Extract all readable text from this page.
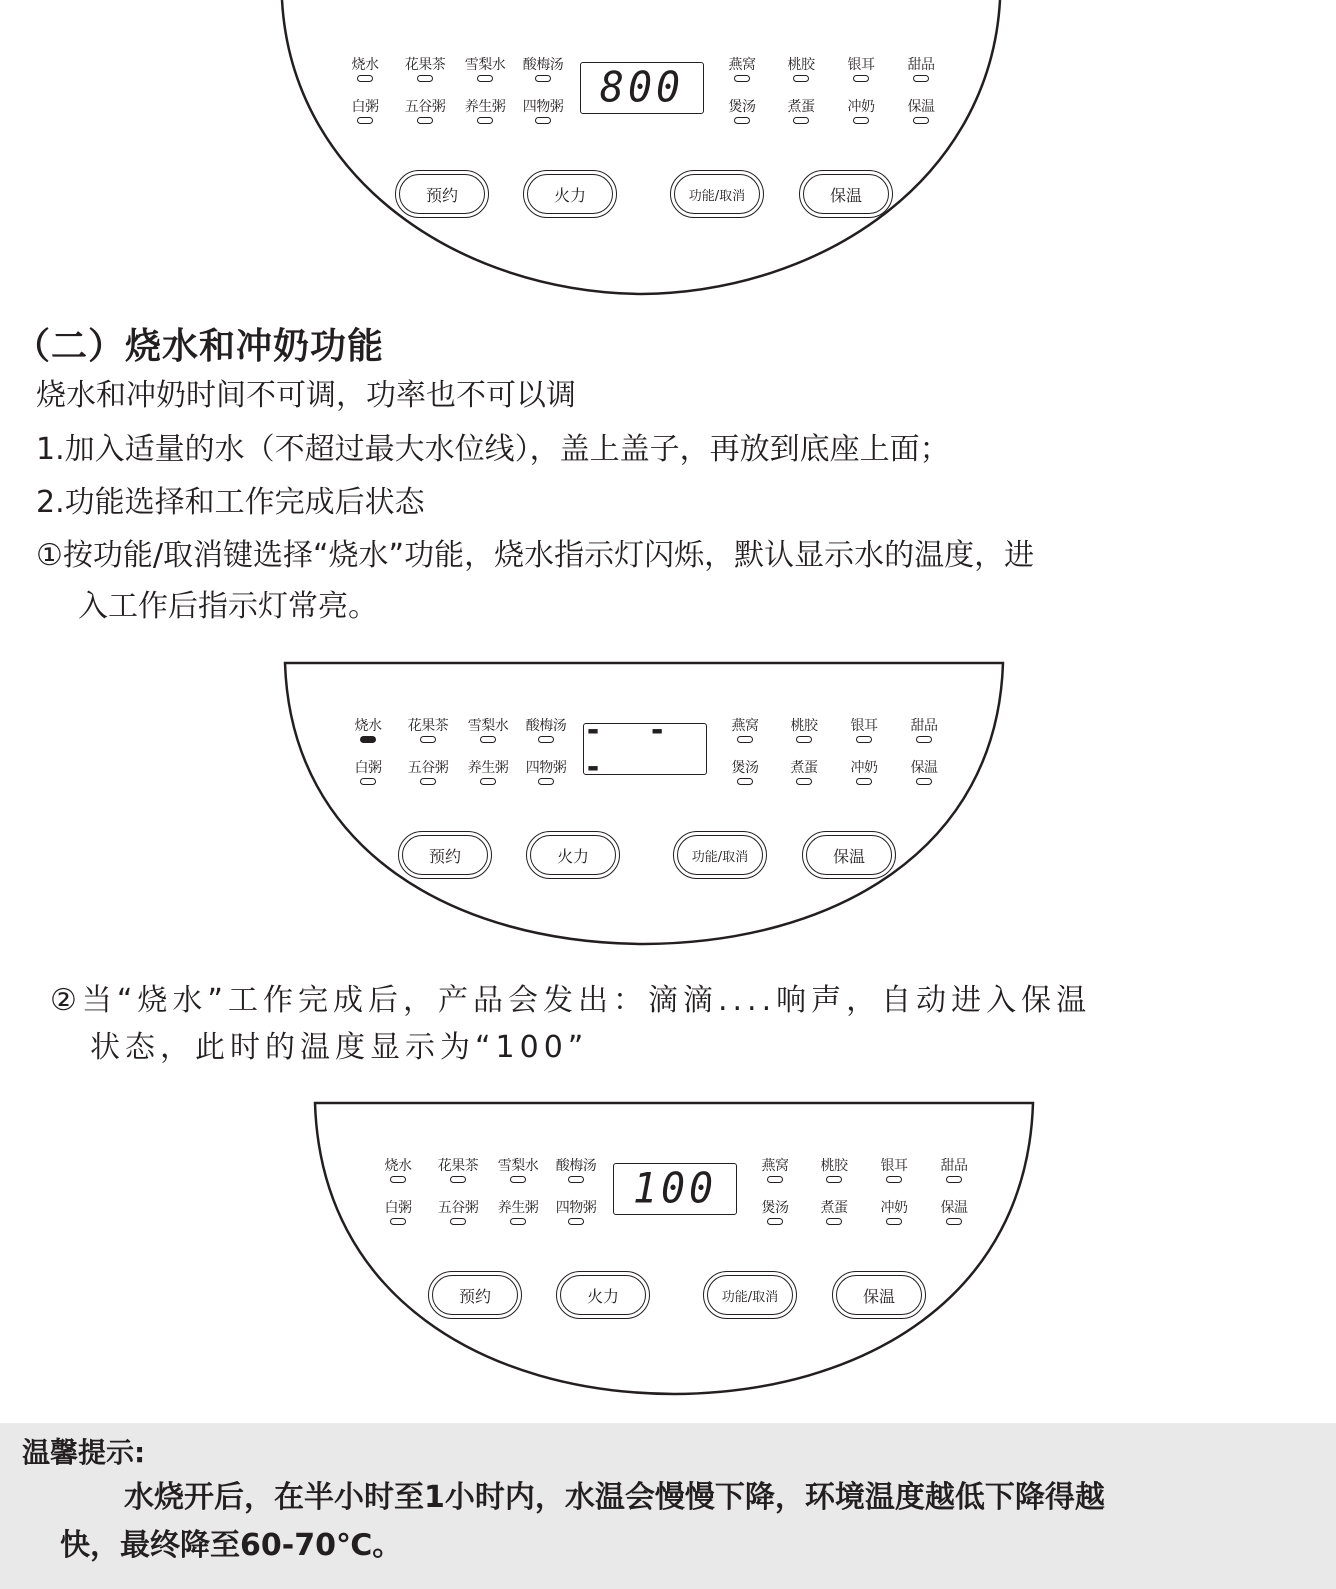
烧水	花果茶	雪梨水	酸梅汤	燕窝	桃胶	银耳	甜品
白粥	五谷粥	养生粥	四物粥	煲汤	煮蛋	冲奶	保温
800
预约	火力	功能/取消	保温
烧水	花果茶	雪梨水	酸梅汤	燕窝	桃胶	银耳	甜品
白粥	五谷粥	养生粥	四物粥	煲汤	煮蛋	冲奶	保温
- - -
预约	火力	功能/取消	保温
烧水	花果茶	雪梨水	酸梅汤	燕窝	桃胶	银耳	甜品
白粥	五谷粥	养生粥	四物粥	煲汤	煮蛋	冲奶	保温
100
预约	火力	功能/取消	保温
（二）烧水和冲奶功能

烧水和冲奶时间不可调，功率也不可以调

1.加入适量的水（不超过最大水位线），盖上盖子，再放到底座上面；

2.功能选择和工作完成后状态

①按功能/取消键选择“烧水”功能，烧水指示灯闪烁，默认显示水的温度，进

入工作后指示灯常亮。

②当“烧水”工作完成后，产品会发出：滴滴....响声，自动进入保温

状态，此时的温度显示为“100”

温馨提示:

水烧开后，在半小时至1小时内，水温会慢慢下降，环境温度越低下降得越

快，最终降至60-70℃。
